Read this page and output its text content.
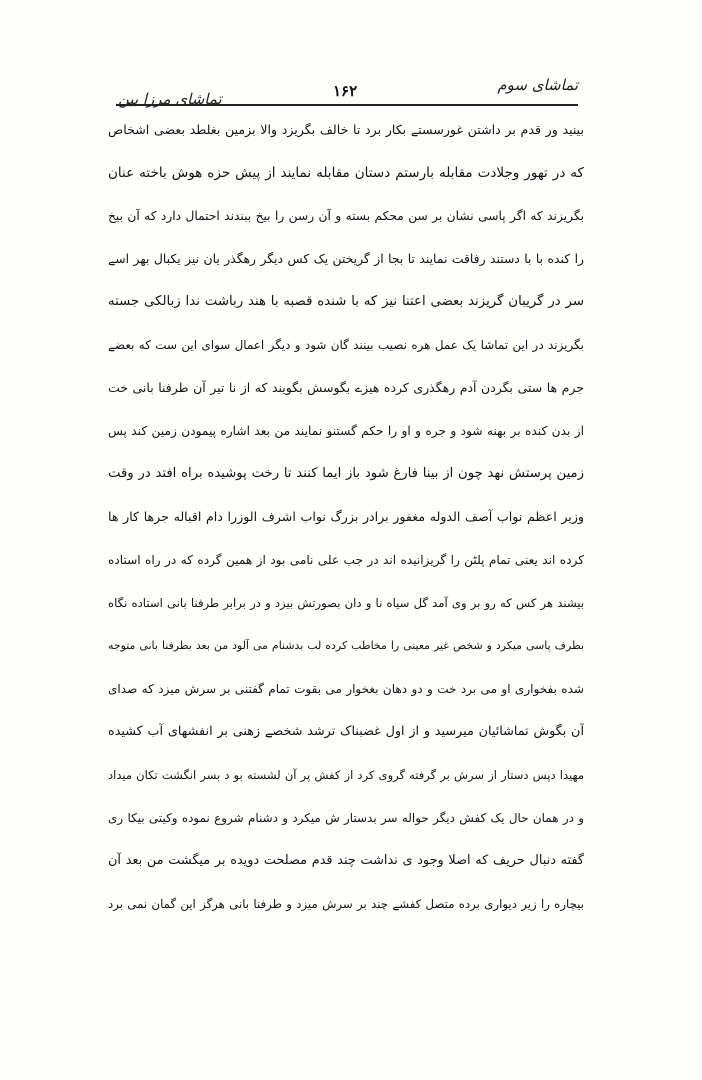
تماشای سوم
۱۶۲
تماشای مرزا بین
بینید ور قدم بر داشتن غورسستے بکار برد تا خالف بگریزد والا بزمین بغلطد بعضی اشخاص
که در تهور وجلادت مقابله بارستم دستان مقابله نمایند از پیش حزه هوش باخته عنان
بگریزند که اگر پاسی نشان بر سن محکم بسته و آن رسن را بیخ ببندند احتمال دارد که آن بیخ
را کنده با با دستند رفاقت نمایند تا بجا از گریختن یک کس دیگر رهگذر یان نیز یکبال بهر اسے
سر در گریبان گریزند بعضی اعتنا نیز که با شنده قصبه با هند رباشت ندا زبالکی جسته
بگریزند در این تماشا یک عمل هره نصیب بینند گان شود و دیگر اعمال سوای این ست که بعضے
جرم ها ستی بگردن آدم رهگذری کرده هیزے بگوسش بگویند که از نا تیر آن طرفنا بانی خت
از بدن کنده بر بهنه شود و جره و او را حکم گستنو نمایند من بعد اشاره پیمودن زمین کند پس
زمین پرستش نهد چون از بینا فارغ شود باز ایما کنند تا رخت پوشیده براه افتد در وقت
وزیر اعظم نواب آصف الدوله مغفور برادر بزرگ نواب اشرف الوزرا دام اقباله جرها کار ها
کرده اند یعنی تمام پلٹن را گریزانیده اند در جب علی نامی بود از همین گرده که در راه استاده
بیشند هر کس که رو بر وی آمد گل سیاه نا و دان بصورتش بیزد و در برابر طرفنا بانی استاده نگاه
بطرف پاسی میکرد و شخص غیر معینی را مخاطب کرده لب بدشنام می آلود من بعد بطرفنا بانی متوجه
شده بفخواری او می برد خت و دو دهان بغخوار می بقوت تمام گفتنی بر سرش میزد که صدای
آن بگوش تماشائیان میرسید و از اول غضبناک ترشد شخصے زهنی بر انفشهای آب کشیده
مهیدا دپس دستار از سرش بر گرفته گروی کرد از کفش پر آن لشسته بو د بسر انگشت تکان میداد
و در همان حال یک کفش دیگر حواله سر بدستار ش میکرد و دشنام شروع نموده وکیتی بیکا ری
گفته دنبال حریف که اصلا وجود ی نداشت چند قدم مصلحت دویده بر میگشت من بعد آن
بیچاره را زیر دیواری برده متصل کفشے چند بر سرش میزد و طرفنا بانی هرگز این گمان نمی برد
